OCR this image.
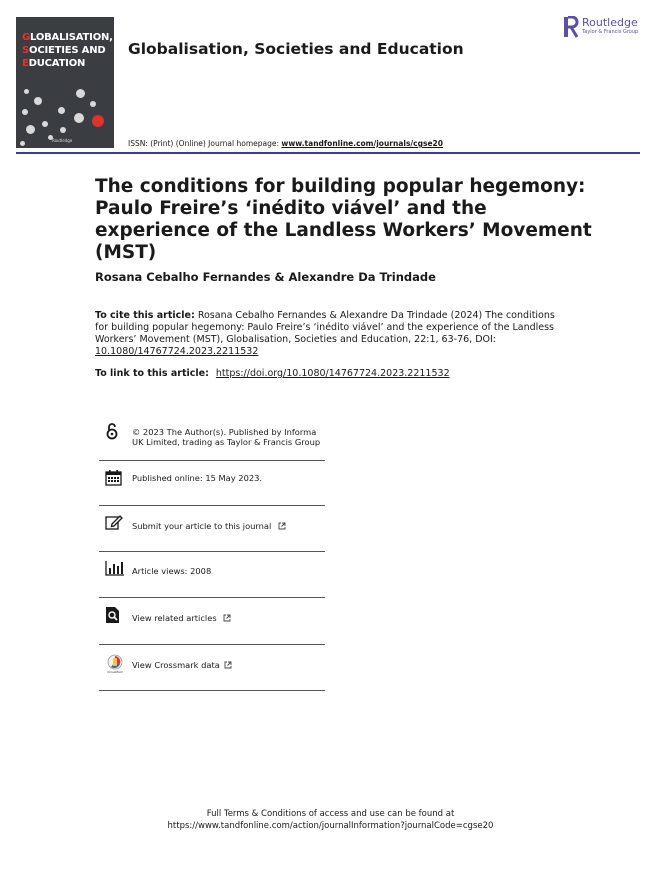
GLOBALISATION,
SOCIETIES AND
EDUCATION
Routledge
Globalisation, Societies and Education
Routledge
Taylor & Francis Group
ISSN: (Print) (Online) Journal homepage: www.tandfonline.com/journals/cgse20
The conditions for building popular hegemony: Paulo Freire’s ‘inédito viável’ and the experience of the Landless Workers’ Movement (MST)
Rosana Cebalho Fernandes & Alexandre Da Trindade
To cite this article: Rosana Cebalho Fernandes & Alexandre Da Trindade (2024) The conditions for building popular hegemony: Paulo Freire’s ‘inédito viável’ and the experience of the Landless Workers’ Movement (MST), Globalisation, Societies and Education, 22:1, 63-76, DOI: 10.1080/14767724.2023.2211532
To link to this article: https://doi.org/10.1080/14767724.2023.2211532
© 2023 The Author(s). Published by Informa UK Limited, trading as Taylor & Francis Group
Published online: 15 May 2023.
Submit your article to this journal
Article views: 2008
View related articles
CrossMark
View Crossmark data
Full Terms & Conditions of access and use can be found at
https://www.tandfonline.com/action/journalInformation?journalCode=cgse20
